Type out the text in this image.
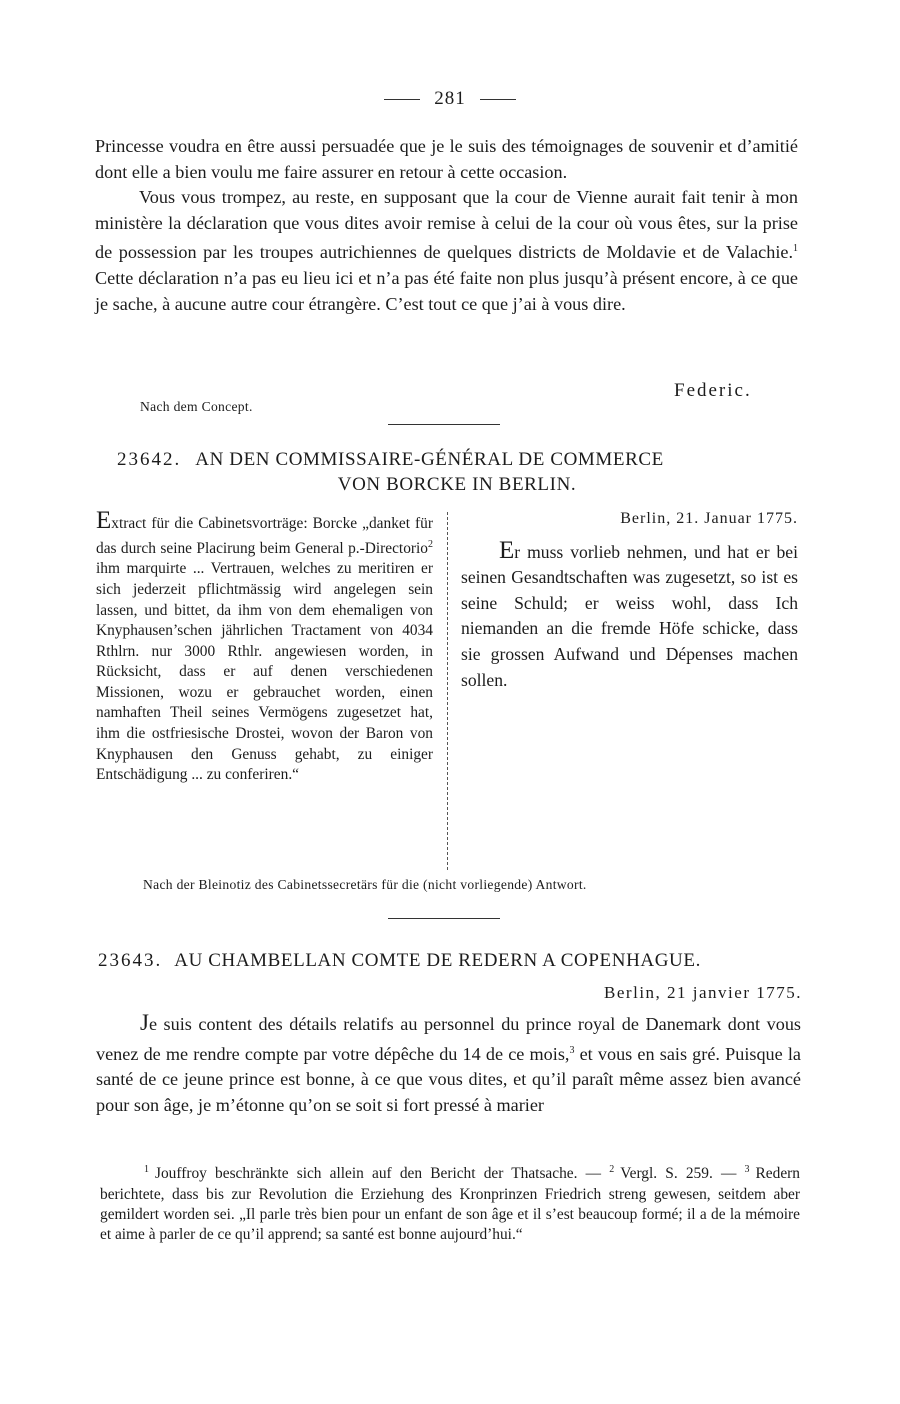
281

Princesse voudra en être aussi persuadée que je le suis des témoignages de souvenir et d’amitié dont elle a bien voulu me faire assurer en retour à cette occasion.

Vous vous trompez, au reste, en supposant que la cour de Vienne aurait fait tenir à mon ministère la déclaration que vous dites avoir remise à celui de la cour où vous êtes, sur la prise de possession par les troupes autrichiennes de quelques districts de Moldavie et de Valachie.$^1$ Cette déclaration n’a pas eu lieu ici et n’a pas été faite non plus jusqu’à présent encore, à ce que je sache, à aucune autre cour étrangère. C’est tout ce que j’ai à vous dire.

Federic.
Nach dem Concept.
23642. AN DEN COMMISSAIRE-GÉNÉRAL DE COMMERCE
VON BORCKE IN BERLIN.

Extract für die Cabinetsvorträge: Borcke „danket für das durch seine Placirung beim General p.-Directorio$^2$ ihm marquirte ... Vertrauen, welches zu meritiren er sich jederzeit pflichtmässig wird angelegen sein lassen, und bittet, da ihm von dem ehemaligen von Knyphausen’schen jährlichen Tractament von 4034 Rthlrn. nur 3000 Rthlr. angewiesen worden, in Rücksicht, dass er auf denen verschiedenen Missionen, wozu er gebrauchet worden, einen namhaften Theil seines Vermögens zugesetzet hat, ihm die ostfriesische Drostei, wovon der Baron von Knyphausen den Genuss gehabt, zu einiger Entschädigung ... zu conferiren.“

Berlin, 21. Januar 1775.

Er muss vorlieb nehmen, und hat er bei seinen Gesandtschaften was zugesetzt, so ist es seine Schuld; er weiss wohl, dass Ich niemanden an die fremde Höfe schicke, dass sie grossen Aufwand und Dépenses machen sollen.

Nach der Bleinotiz des Cabinetssecretärs für die (nicht vorliegende) Antwort.
23643. AU CHAMBELLAN COMTE DE REDERN A COPENHAGUE.
Berlin, 21 janvier 1775.

Je suis content des détails relatifs au personnel du prince royal de Danemark dont vous venez de me rendre compte par votre dépêche du 14 de ce mois,$^3$ et vous en sais gré. Puisque la santé de ce jeune prince est bonne, à ce que vous dites, et qu’il paraît même assez bien avancé pour son âge, je m’étonne qu’on se soit si fort pressé à marier

$^1$ Jouffroy beschränkte sich allein auf den Bericht der Thatsache. — $^2$ Vergl. S. 259. — $^3$ Redern berichtete, dass bis zur Revolution die Erziehung des Kronprinzen Friedrich streng gewesen, seitdem aber gemildert worden sei. „Il parle très bien pour un enfant de son âge et il s’est beaucoup formé; il a de la mémoire et aime à parler de ce qu’il apprend; sa santé est bonne aujourd’hui.“
